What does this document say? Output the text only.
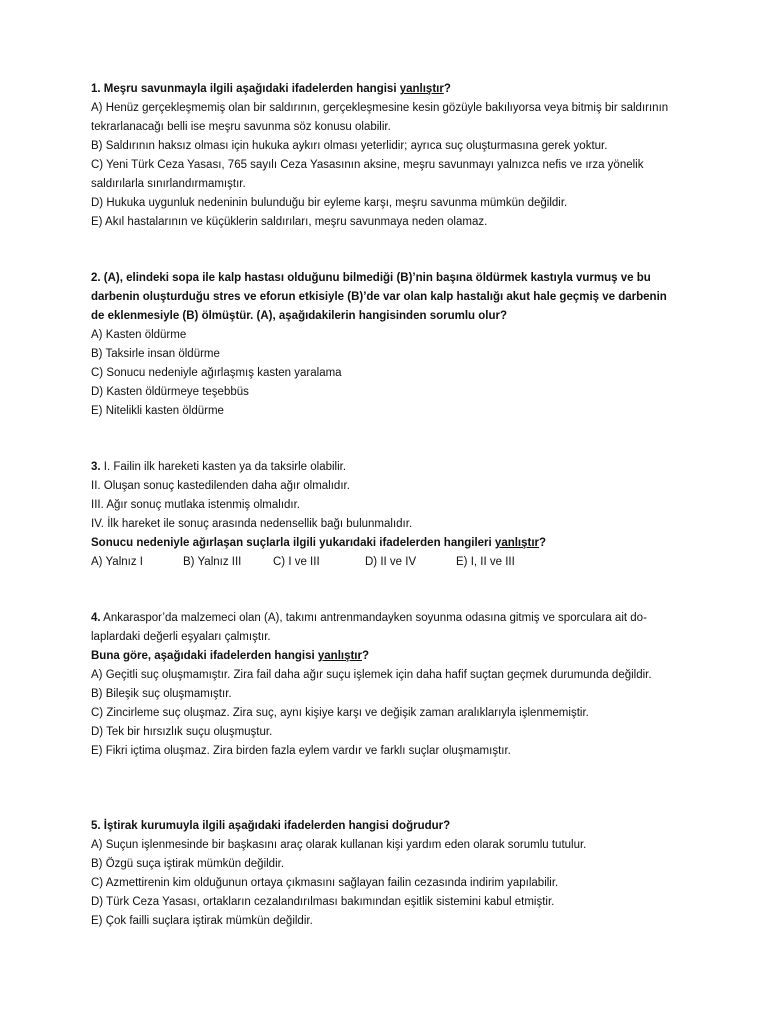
1. Meşru savunmayla ilgili aşağıdaki ifadelerden hangisi yanlıştır?
A) Henüz gerçekleşmemiş olan bir saldırının, gerçekleşmesine kesin gözüyle bakılıyorsa veya bitmiş bir saldırının
tekrarlanacağı belli ise meşru savunma söz konusu olabilir.
B) Saldırının haksız olması için hukuka aykırı olması yeterlidir; ayrıca suç oluşturmasına gerek yoktur.
C) Yeni Türk Ceza Yasası, 765 sayılı Ceza Yasasının aksine, meşru savunmayı yalnızca nefis ve ırza yönelik
saldırılarla sınırlandırmamıştır.
D) Hukuka uygunluk nedeninin bulunduğu bir eyleme karşı, meşru savunma mümkün değildir.
E) Akıl hastalarının ve küçüklerin saldırıları, meşru savunmaya neden olamaz.
2. (A), elindeki sopa ile kalp hastası olduğunu bilmediği (B)’nin başına öldürmek kastıyla vurmuş ve bu
darbenin oluşturduğu stres ve eforun etkisiyle (B)’de var olan kalp hastalığı akut hale geçmiş ve darbenin
de eklenmesiyle (B) ölmüştür. (A), aşağıdakilerin hangisinden sorumlu olur?
A) Kasten öldürme
B) Taksirle insan öldürme
C) Sonucu nedeniyle ağırlaşmış kasten yaralama
D) Kasten öldürmeye teşebbüs
E) Nitelikli kasten öldürme
3. I. Failin ilk hareketi kasten ya da taksirle olabilir.
II. Oluşan sonuç kastedilenden daha ağır olmalıdır.
III. Ağır sonuç mutlaka istenmiş olmalıdır.
IV. İlk hareket ile sonuç arasında nedensellik bağı bulunmalıdır.
Sonucu nedeniyle ağırlaşan suçlarla ilgili yukarıdaki ifadelerden hangileri yanlıştır?
A) Yalnız I	B) Yalnız III	C) I ve III	D) II ve IV	E) I, II ve III
4. Ankaraspor’da malzemeci olan (A), takımı antrenmandayken soyunma odasına gitmiş ve sporculara ait do-
laplardaki değerli eşyaları çalmıştır.
Buna göre, aşağıdaki ifadelerden hangisi yanlıştır?
A) Geçitli suç oluşmamıştır. Zira fail daha ağır suçu işlemek için daha hafif suçtan geçmek durumunda değildir.
B) Bileşik suç oluşmamıştır.
C) Zincirleme suç oluşmaz. Zira suç, aynı kişiye karşı ve değişik zaman aralıklarıyla işlenmemiştir.
D) Tek bir hırsızlık suçu oluşmuştur.
E) Fikri içtima oluşmaz. Zira birden fazla eylem vardır ve farklı suçlar oluşmamıştır.
5. İştirak kurumuyla ilgili aşağıdaki ifadelerden hangisi doğrudur?
A) Suçun işlenmesinde bir başkasını araç olarak kullanan kişi yardım eden olarak sorumlu tutulur.
B) Özgü suça iştirak mümkün değildir.
C) Azmettirenin kim olduğunun ortaya çıkmasını sağlayan failin cezasında indirim yapılabilir.
D) Türk Ceza Yasası, ortakların cezalandırılması bakımından eşitlik sistemini kabul etmiştir.
E) Çok failli suçlara iştirak mümkün değildir.
